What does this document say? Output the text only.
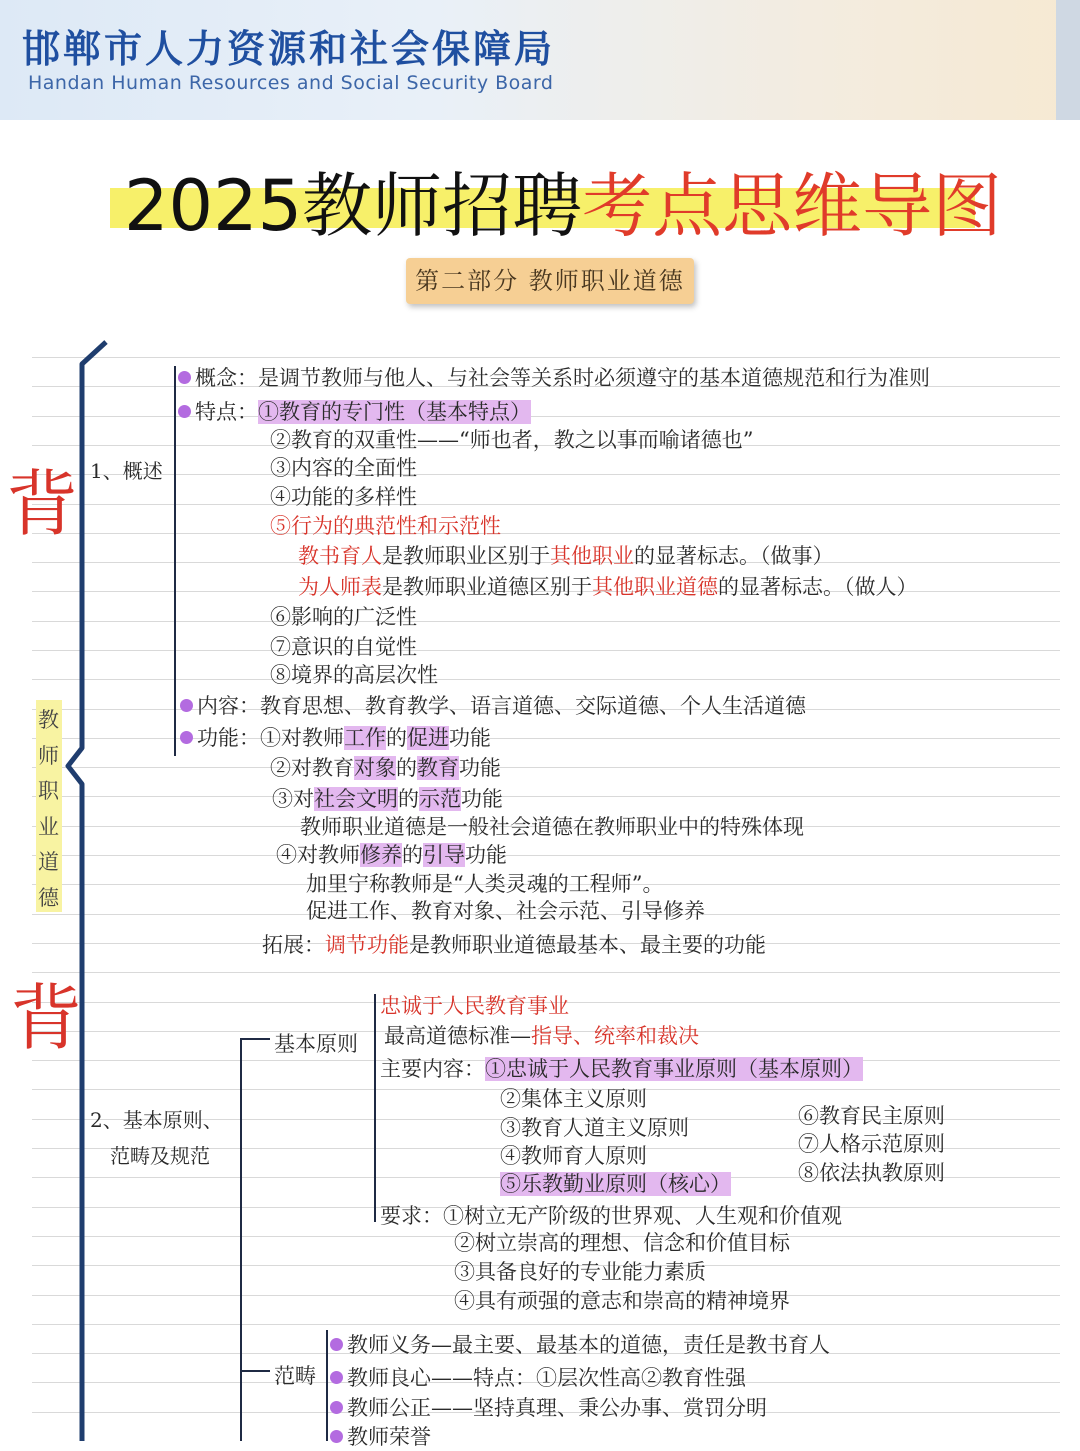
邯郸市人力资源和社会保障局
Handan Human Resources and Social Security Board
2025教师招聘考点思维导图
第二部分 教师职业道德
背
背
教
师
职
业
道
德
1、概述
概念：是调节教师与他人、与社会等关系时必须遵守的基本道德规范和行为准则
特点：①教育的专门性（基本特点）
②教育的双重性——“师也者，教之以事而喻诸德也”
③内容的全面性
④功能的多样性
⑤行为的典范性和示范性
教书育人是教师职业区别于其他职业的显著标志。（做事）
为人师表是教师职业道德区别于其他职业道德的显著标志。（做人）
⑥影响的广泛性
⑦意识的自觉性
⑧境界的高层次性
内容：教育思想、教育教学、语言道德、交际道德、个人生活道德
功能：①对教师工作的促进功能
②对教育对象的教育功能
③对社会文明的示范功能
教师职业道德是一般社会道德在教师职业中的特殊体现
④对教师修养的引导功能
加里宁称教师是“人类灵魂的工程师”。
促进工作、教育对象、社会示范、引导修养
拓展：调节功能是教师职业道德最基本、最主要的功能
2、基本原则、
范畴及规范
基本原则
忠诚于人民教育事业
最高道德标准—指导、统率和裁决
主要内容：①忠诚于人民教育事业原则（基本原则）
②集体主义原则
③教育人道主义原则
④教师育人原则
⑤乐教勤业原则（核心）
⑥教育民主原则
⑦人格示范原则
⑧依法执教原则
要求：①树立无产阶级的世界观、人生观和价值观
②树立崇高的理想、信念和价值目标
③具备良好的专业能力素质
④具有顽强的意志和崇高的精神境界
范畴
教师义务—最主要、最基本的道德，责任是教书育人
教师良心——特点：①层次性高②教育性强
教师公正——坚持真理、秉公办事、赏罚分明
教师荣誉
